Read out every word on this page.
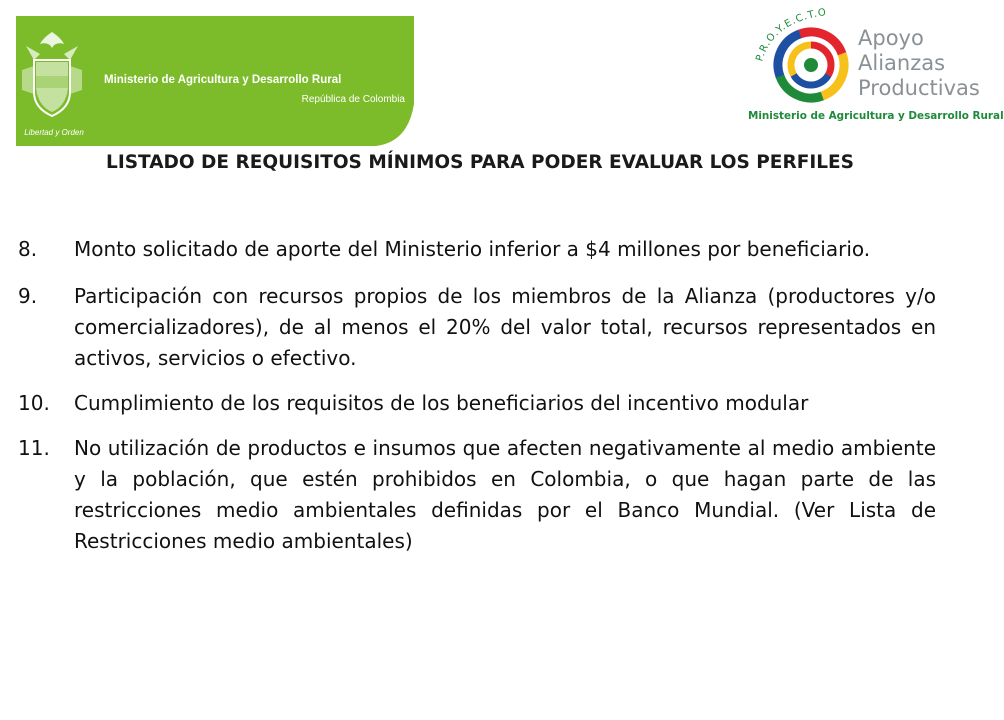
Libertad y Orden
Ministerio de Agricultura y Desarrollo Rural
República de Colombia
P.R.O.Y.E.C.T.O
Apoyo
Alianzas
Productivas
Ministerio de Agricultura y Desarrollo Rural
LISTADO DE REQUISITOS MÍNIMOS PARA PODER EVALUAR LOS PERFILES
8. Monto solicitado de aporte del Ministerio inferior a $4 millones por beneficiario.
9. Participación con recursos propios de los miembros de la Alianza (productores y/o comercializadores), de al menos el 20% del valor total, recursos representados en activos, servicios o efectivo.
10. Cumplimiento de los requisitos de los beneficiarios del incentivo modular
11. No utilización de productos e insumos que afecten negativamente al medio ambiente y la población, que estén prohibidos en Colombia, o que hagan parte de las restricciones medio ambientales definidas por el Banco Mundial. (Ver Lista de Restricciones medio ambientales)
